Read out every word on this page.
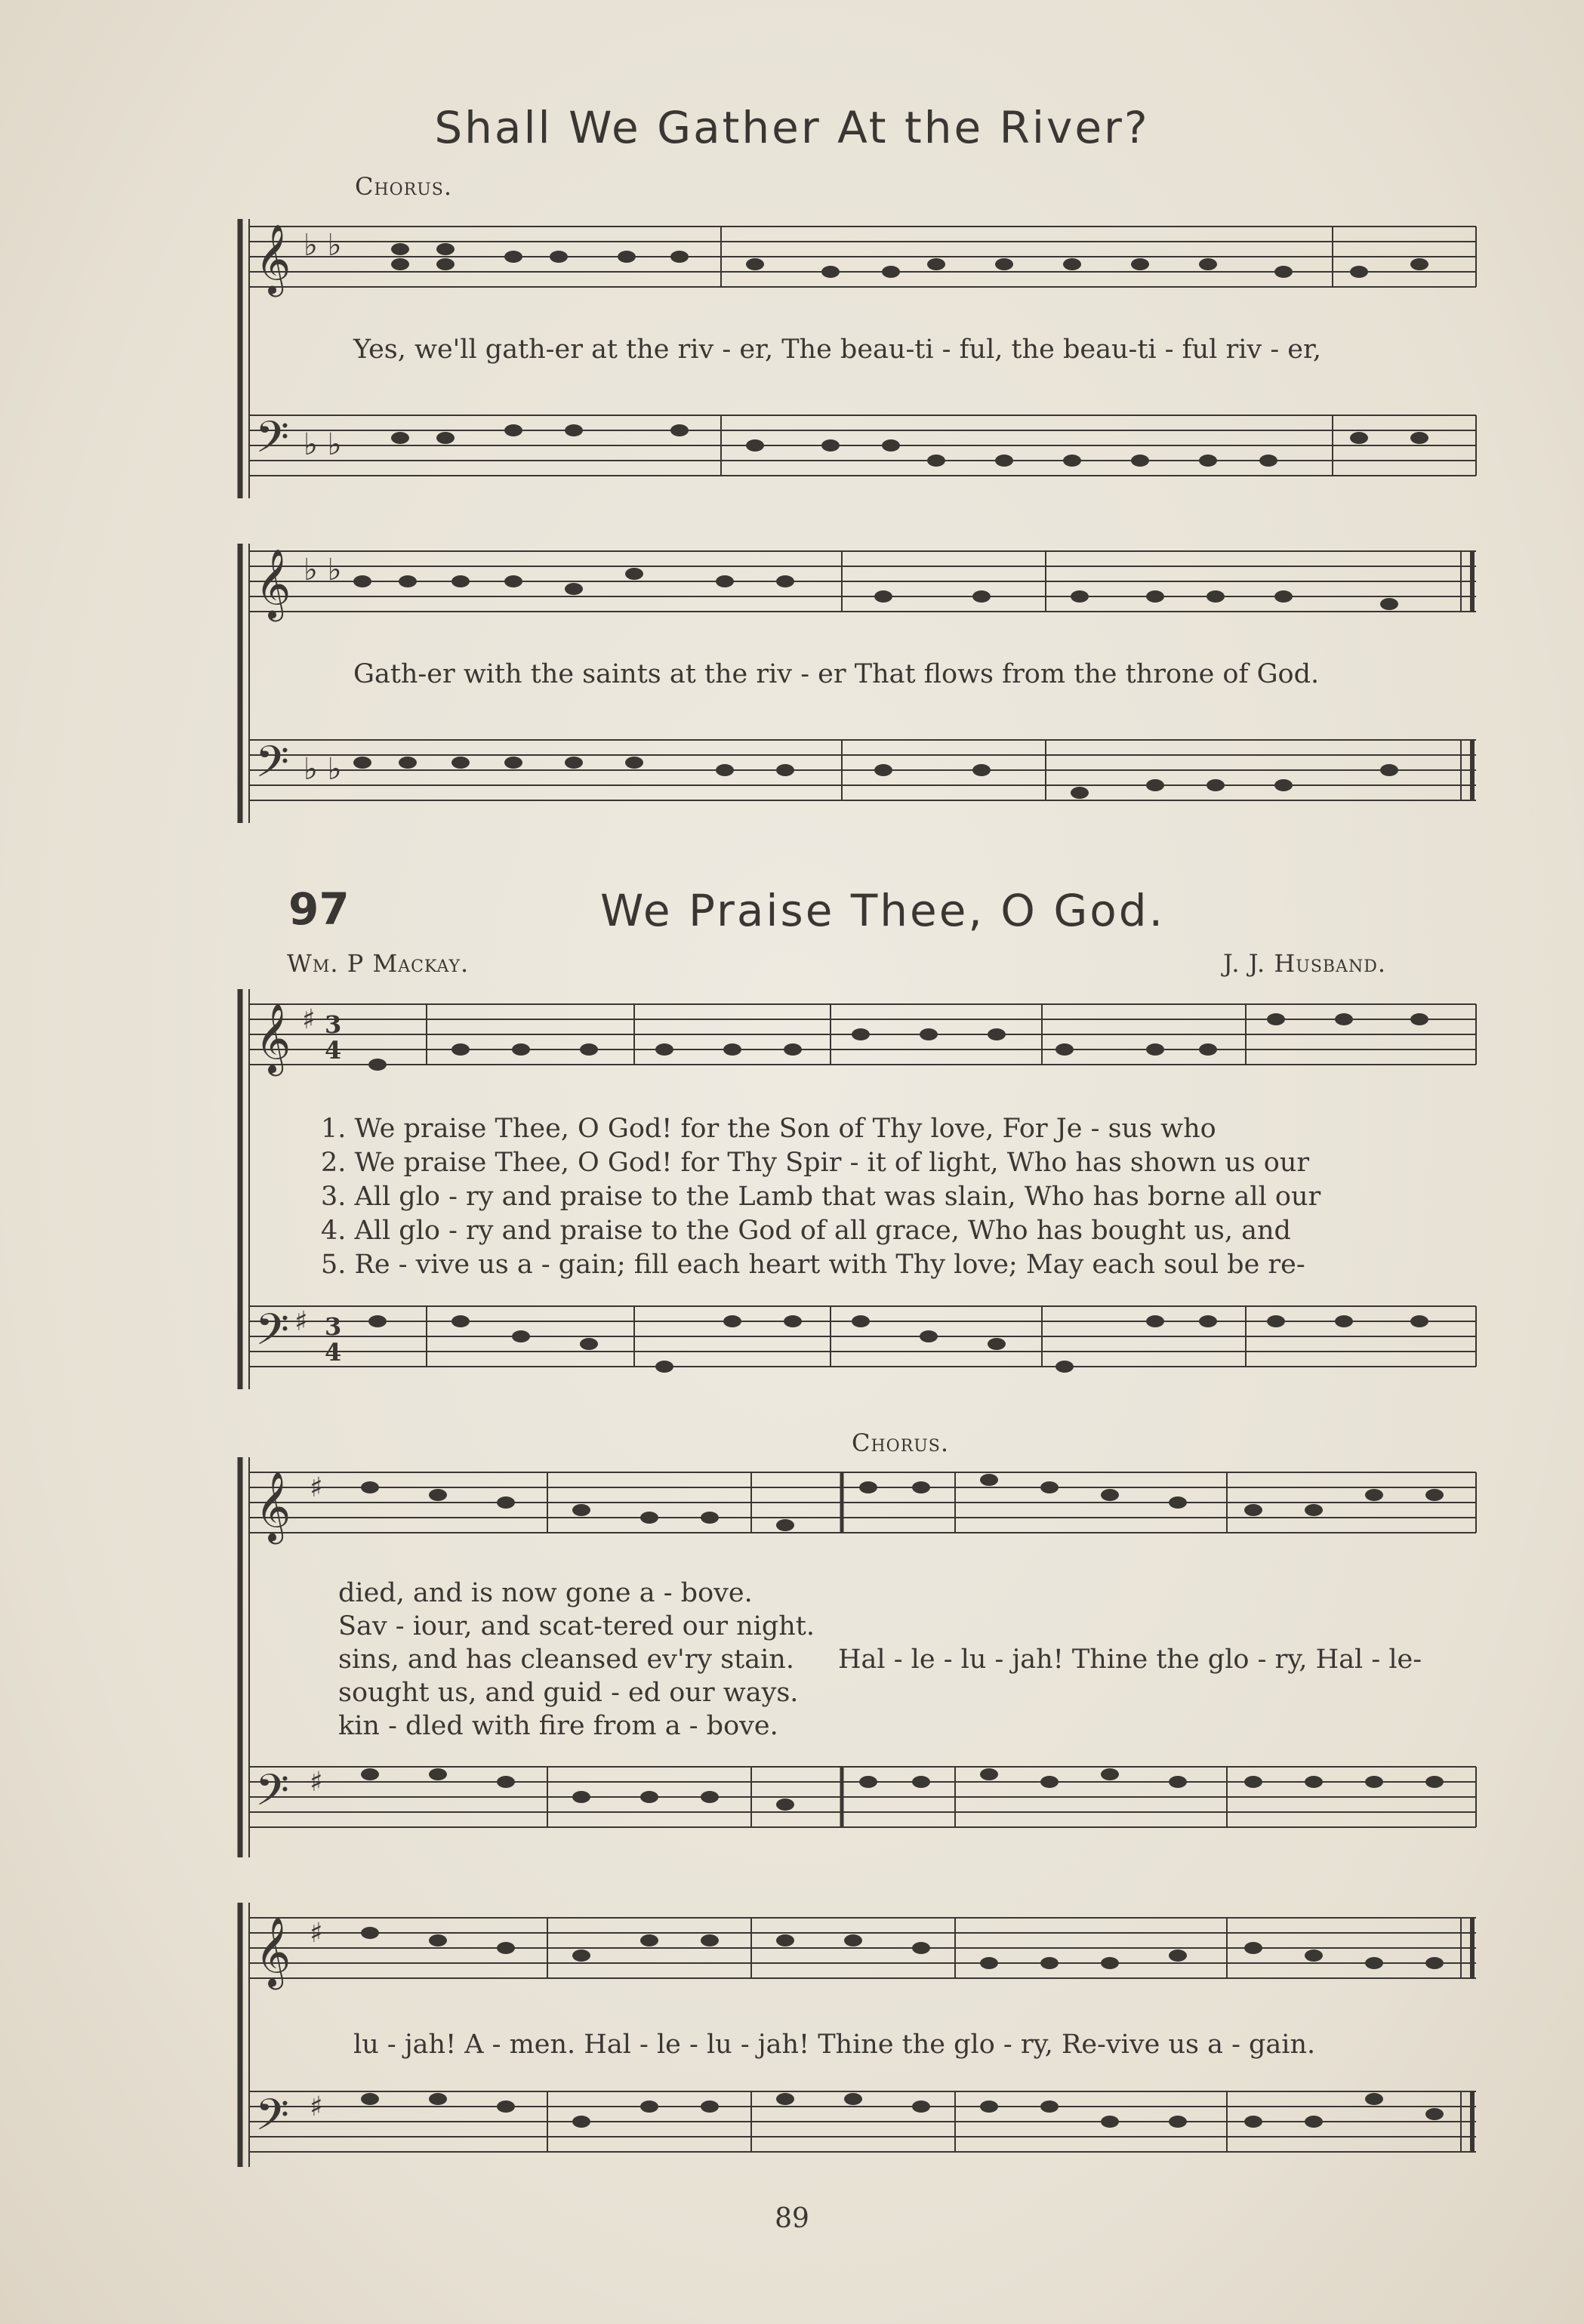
Shall We Gather At the River?
Chorus.
𝄞
𝄢
♭ ♭
♭ ♭
Yes, we'll gath-er at the riv - er, The beau-ti - ful, the beau-ti - ful riv - er,
𝄞
𝄢
♭ ♭
♭ ♭
Gath-er with the saints at the riv - er That flows from the throne of God.
97	We Praise Thee, O God.
Wm. P Mackay.	J. J. Husband.
𝄞
𝄢
♯ 3
4
♯ 3
4
1. We praise Thee, O God! for the Son of Thy love, For Je - sus who
2. We praise Thee, O God! for Thy Spir - it of light, Who has shown us our
3. All glo - ry and praise to the Lamb that was slain, Who has borne all our
4. All glo - ry and praise to the God of all grace, Who has bought us, and
5. Re - vive us a - gain; fill each heart with Thy love; May each soul be re-
Chorus.
𝄞
𝄢
♯
♯
died, and is now gone a - bove.
Sav - iour, and scat-tered our night.
sins, and has cleansed ev'ry stain. Hal - le - lu - jah! Thine the glo - ry, Hal - le-
sought us, and guid - ed our ways.
kin - dled with fire from a - bove.
𝄞
𝄢
♯
♯
lu - jah! A - men. Hal - le - lu - jah! Thine the glo - ry, Re-vive us a - gain.
89
